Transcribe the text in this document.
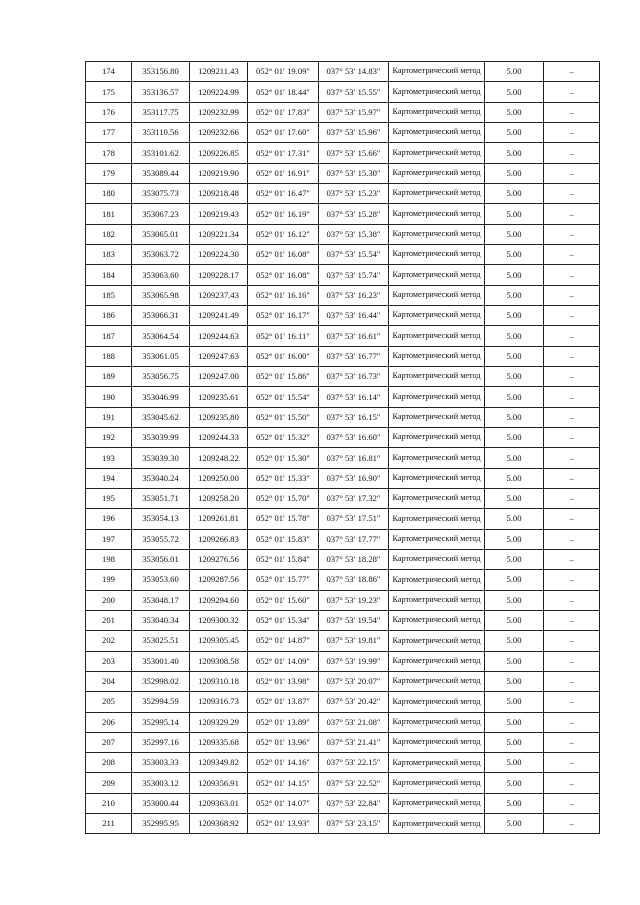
174	353156.80	1209211.43	052° 01′ 19.09″	037° 53′ 14.83″	Картометрический метод	5.00	–
175	353136.57	1209224.99	052° 01′ 18.44″	037° 53′ 15.55″	Картометрический метод	5.00	–
176	353117.75	1209232.99	052° 01′ 17.83″	037° 53′ 15.97″	Картометрический метод	5.00	–
177	353110.56	1209232.66	052° 01′ 17.60″	037° 53′ 15.96″	Картометрический метод	5.00	–
178	353101.62	1209226.85	052° 01′ 17.31″	037° 53′ 15.66″	Картометрический метод	5.00	–
179	353089.44	1209219.90	052° 01′ 16.91″	037° 53′ 15.30″	Картометрический метод	5.00	–
180	353075.73	1209218.48	052° 01′ 16.47″	037° 53′ 15.23″	Картометрический метод	5.00	–
181	353067.23	1209219.43	052° 01′ 16.19″	037° 53′ 15.28″	Картометрический метод	5.00	–
182	353065.01	1209221.34	052° 01′ 16.12″	037° 53′ 15.38″	Картометрический метод	5.00	–
183	353063.72	1209224.30	052° 01′ 16.08″	037° 53′ 15.54″	Картометрический метод	5.00	–
184	353063.60	1209228.17	052° 01′ 16.08″	037° 53′ 15.74″	Картометрический метод	5.00	–
185	353065.98	1209237.43	052° 01′ 16.16″	037° 53′ 16.23″	Картометрический метод	5.00	–
186	353066.31	1209241.49	052° 01′ 16.17″	037° 53′ 16.44″	Картометрический метод	5.00	–
187	353064.54	1209244.63	052° 01′ 16.11″	037° 53′ 16.61″	Картометрический метод	5.00	–
188	353061.05	1209247.63	052° 01′ 16.00″	037° 53′ 16.77″	Картометрический метод	5.00	–
189	353056.75	1209247.00	052° 01′ 15.86″	037° 53′ 16.73″	Картометрический метод	5.00	–
190	353046.99	1209235.61	052° 01′ 15.54″	037° 53′ 16.14″	Картометрический метод	5.00	–
191	353045.62	1209235.80	052° 01′ 15.50″	037° 53′ 16.15″	Картометрический метод	5.00	–
192	353039.99	1209244.33	052° 01′ 15.32″	037° 53′ 16.60″	Картометрический метод	5.00	–
193	353039.30	1209248.22	052° 01′ 15.30″	037° 53′ 16.81″	Картометрический метод	5.00	–
194	353040.24	1209250.00	052° 01′ 15.33″	037° 53′ 16.90″	Картометрический метод	5.00	–
195	353051.71	1209258.20	052° 01′ 15.70″	037° 53′ 17.32″	Картометрический метод	5.00	–
196	353054.13	1209261.81	052° 01′ 15.78″	037° 53′ 17.51″	Картометрический метод	5.00	–
197	353055.72	1209266.83	052° 01′ 15.83″	037° 53′ 17.77″	Картометрический метод	5.00	–
198	353056.01	1209276.56	052° 01′ 15.84″	037° 53′ 18.28″	Картометрический метод	5.00	–
199	353053.60	1209287.56	052° 01′ 15.77″	037° 53′ 18.86″	Картометрический метод	5.00	–
200	353048.17	1209294.60	052° 01′ 15.60″	037° 53′ 19.23″	Картометрический метод	5.00	–
201	353040.34	1209300.32	052° 01′ 15.34″	037° 53′ 19.54″	Картометрический метод	5.00	–
202	353025.51	1209305.45	052° 01′ 14.87″	037° 53′ 19.81″	Картометрический метод	5.00	–
203	353001.40	1209308.58	052° 01′ 14.09″	037° 53′ 19.99″	Картометрический метод	5.00	–
204	352998.02	1209310.18	052° 01′ 13.98″	037° 53′ 20.07″	Картометрический метод	5.00	–
205	352994.59	1209316.73	052° 01′ 13.87″	037° 53′ 20.42″	Картометрический метод	5.00	–
206	352995.14	1209329.29	052° 01′ 13.89″	037° 53′ 21.08″	Картометрический метод	5.00	–
207	352997.16	1209335.68	052° 01′ 13.96″	037° 53′ 21.41″	Картометрический метод	5.00	–
208	353003.33	1209349.82	052° 01′ 14.16″	037° 53′ 22.15″	Картометрический метод	5.00	–
209	353003.12	1209356.91	052° 01′ 14.15″	037° 53′ 22.52″	Картометрический метод	5.00	–
210	353000.44	1209363.01	052° 01′ 14.07″	037° 53′ 22.84″	Картометрический метод	5.00	–
211	352995.95	1209368.92	052° 01′ 13.93″	037° 53′ 23.15″	Картометрический метод	5.00	–
